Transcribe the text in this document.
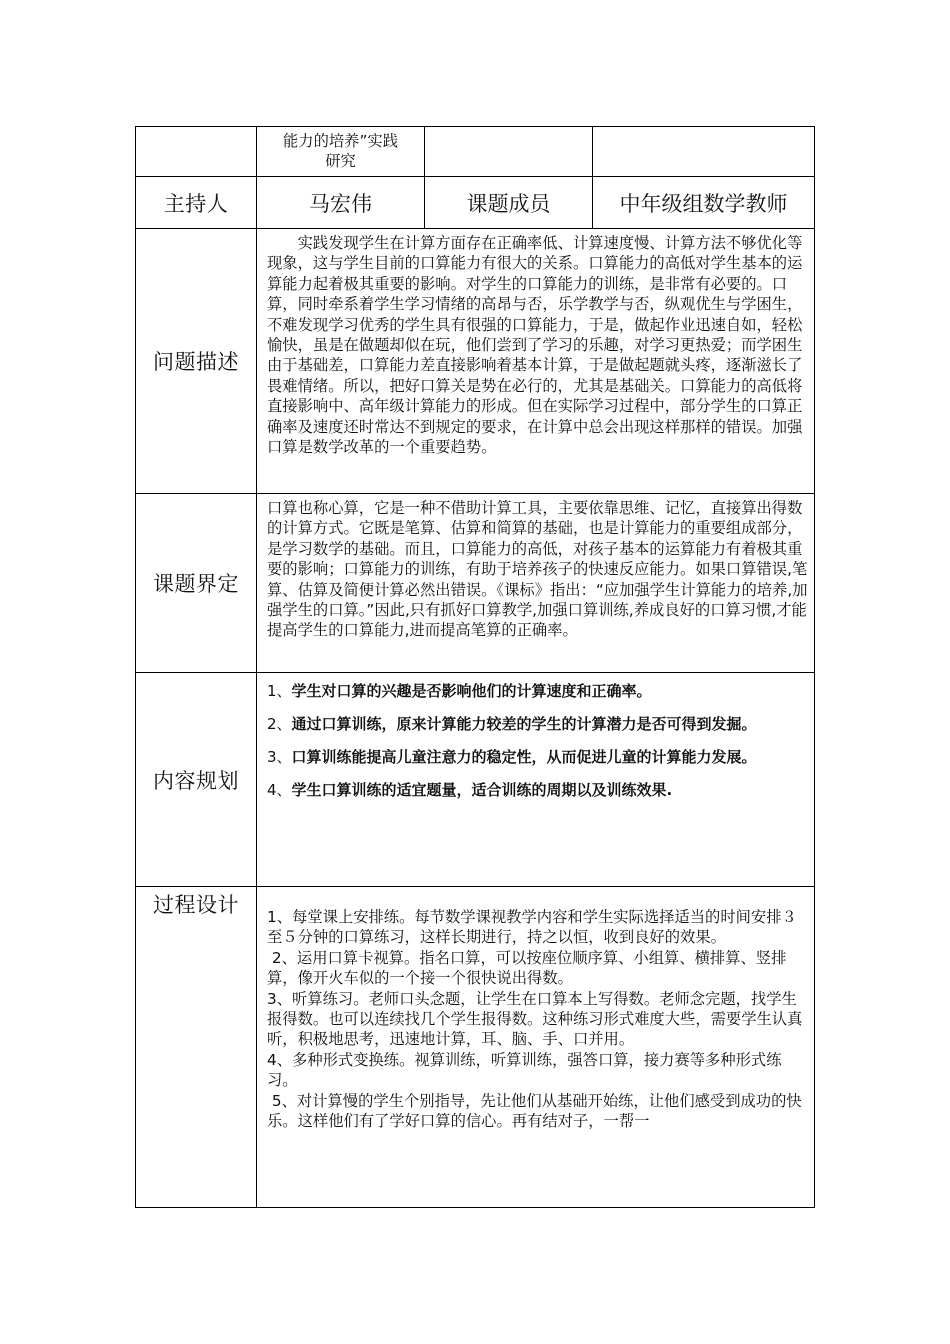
	能力的培养”实践
研究		

主持人	马宏伟	课题成员	中年级组数学教师
问题描述	　　实践发现学生在计算方面存在正确率低、计算速度慢、计算方法不够优化等现象，这与学生目前的口算能力有很大的关系。口算能力的高低对学生基本的运算能力起着极其重要的影响。对学生的口算能力的训练，是非常有必要的。口算，同时牵系着学生学习情绪的高昂与否，乐学教学与否，纵观优生与学困生，不难发现学习优秀的学生具有很强的口算能力，于是，做起作业迅速自如，轻松愉快，虽是在做题却似在玩，他们尝到了学习的乐趣，对学习更热爱；而学困生由于基础差，口算能力差直接影响着基本计算，于是做起题就头疼，逐渐滋长了畏难情绪。所以，把好口算关是势在必行的，尤其是基础关。口算能力的高低将直接影响中、高年级计算能力的形成。但在实际学习过程中，部分学生的口算正确率及速度还时常达不到规定的要求，在计算中总会出现这样那样的错误。加强口算是数学改革的一个重要趋势。		

课题界定	口算也称心算，它是一种不借助计算工具，主要依靠思维、记忆，直接算出得数的计算方式。它既是笔算、估算和简算的基础，也是计算能力的重要组成部分，是学习数学的基础。而且，口算能力的高低，对孩子基本的运算能力有着极其重要的影响；口算能力的训练，有助于培养孩子的快速反应能力。如果口算错误,笔算、估算及简便计算必然出错误。《课标》指出：“应加强学生计算能力的培养,加强学生的口算。”因此,只有抓好口算教学,加强口算训练,养成良好的口算习惯,才能提高学生的口算能力,进而提高笔算的正确率。		

内容规划	1、学生对口算的兴趣是否影响他们的计算速度和正确率。

2、通过口算训练，原来计算能力较差的学生的计算潜力是否可得到发掘。

3、口算训练能提高儿童注意力的稳定性，从而促进儿童的计算能力发展。

4、学生口算训练的适宜题量，适合训练的周期以及训练效果.		

过程设计	1、每堂课上安排练。每节数学课视教学内容和学生实际选择适当的时间安排３至５分钟的口算练习，这样长期进行，持之以恒，收到良好的效果。

2、运用口算卡视算。指名口算，可以按座位顺序算、小组算、横排算、竖排算，像开火车似的一个接一个很快说出得数。

3、听算练习。老师口头念题，让学生在口算本上写得数。老师念完题，找学生报得数。也可以连续找几个学生报得数。这种练习形式难度大些，需要学生认真听，积极地思考，迅速地计算，耳、脑、手、口并用。

4、多种形式变换练。视算训练，听算训练，强答口算，接力赛等多种形式练习。

5、对计算慢的学生个别指导，先让他们从基础开始练，让他们感受到成功的快乐。这样他们有了学好口算的信心。再有结对子，一帮一		
